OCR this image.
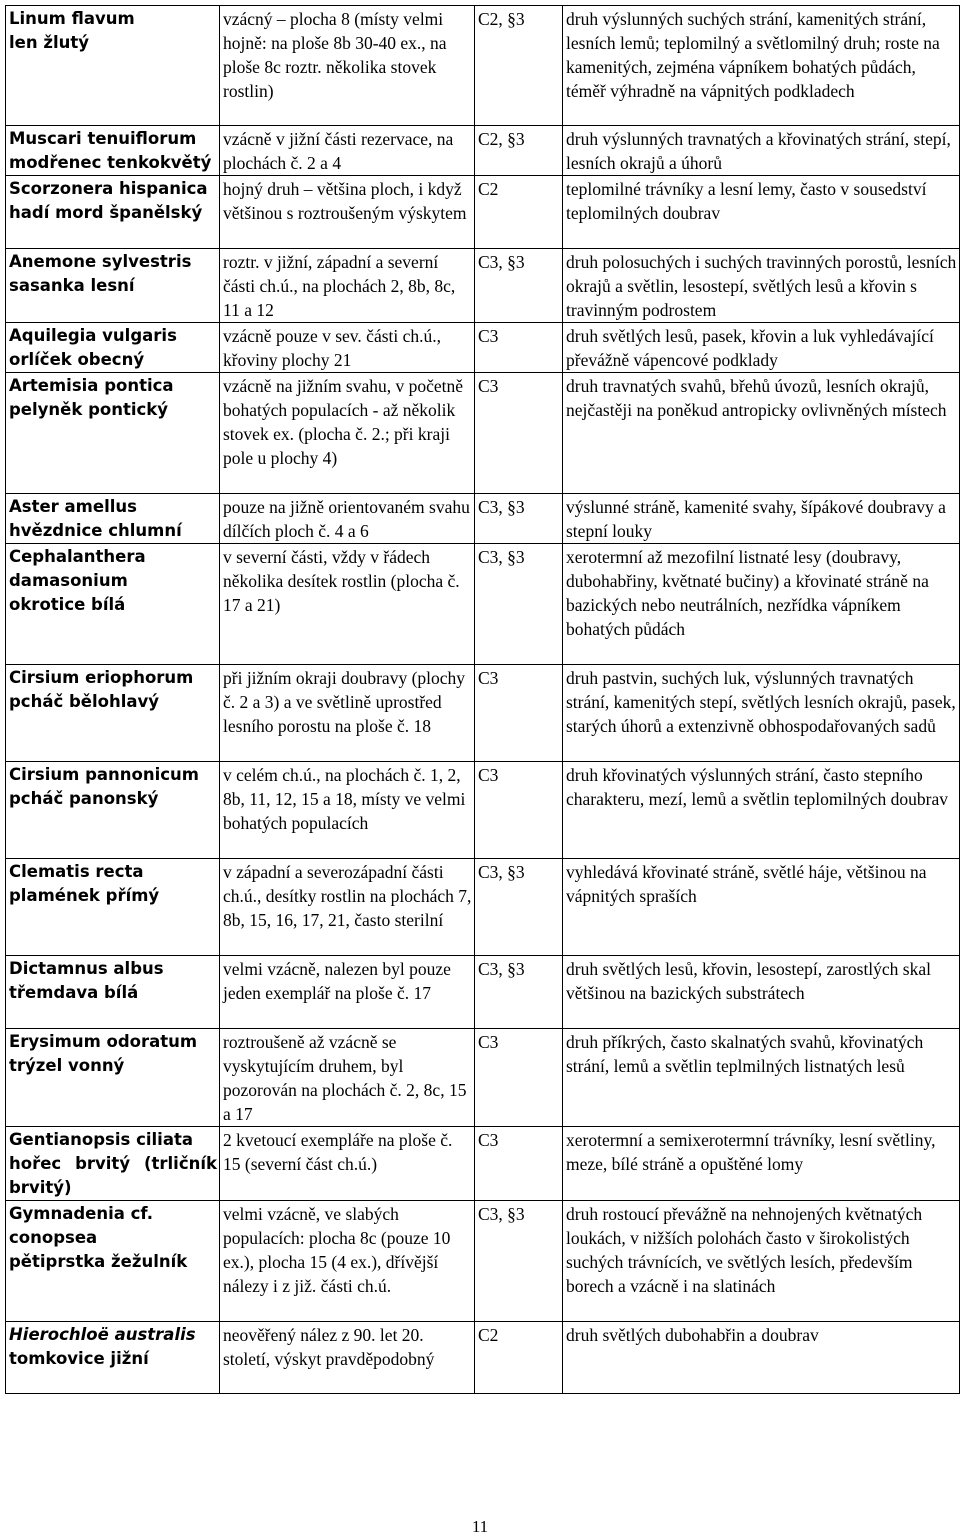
Linum flavum
len žlutý	vzácný – plocha 8 (místy velmi hojně: na ploše 8b 30-40 ex., na ploše 8c roztr. několika stovek rostlin)	C2, §3	druh výslunných suchých strání, kamenitých strání, lesních lemů; teplomilný a světlomilný druh; roste na kamenitých, zejména vápníkem bohatých půdách, téměř výhradně na vápnitých podkladech

Muscari tenuiflorum
modřenec tenkokvětý	vzácně v jižní části rezervace, na plochách č. 2 a 4	C2, §3	druh výslunných travnatých a křovinatých strání, stepí, lesních okrajů a úhorů

Scorzonera hispanica
hadí mord španělský	hojný druh – většina ploch, i když většinou s roztroušeným výskytem	C2	teplomilné trávníky a lesní lemy, často v sousedství teplomilných doubrav

Anemone sylvestris
sasanka lesní	roztr. v jižní, západní a severní části ch.ú., na plochách 2, 8b, 8c, 11 a 12	C3, §3	druh polosuchých i suchých travinných porostů, lesních okrajů a světlin, lesostepí, světlých lesů a křovin s travinným podrostem

Aquilegia vulgaris
orlíček obecný	vzácně pouze v sev. části ch.ú., křoviny plochy 21	C3	druh světlých lesů, pasek, křovin a luk vyhledávající převážně vápencové podklady

Artemisia pontica
pelyněk pontický	vzácně na jižním svahu, v početně bohatých populacích - až několik stovek ex. (plocha č. 2.; při kraji pole u plochy 4)	C3	druh travnatých svahů, břehů úvozů, lesních okrajů, nejčastěji na poněkud antropicky ovlivněných místech

Aster amellus
hvězdnice chlumní	pouze na jižně orientovaném svahu dílčích ploch č. 4 a 6	C3, §3	výslunné stráně, kamenité svahy, šípákové doubravy a stepní louky

Cephalanthera damasonium
okrotice bílá	v severní části, vždy v řádech několika desítek rostlin (plocha č. 17 a 21)	C3, §3	xerotermní až mezofilní listnaté lesy (doubravy, dubohabřiny, květnaté bučiny) a křovinaté stráně na bazických nebo neutrálních, nezřídka vápníkem bohatých půdách

Cirsium eriophorum
pcháč bělohlavý	při jižním okraji doubravy (plochy č. 2 a 3) a ve světlině uprostřed lesního porostu na ploše č. 18	C3	druh pastvin, suchých luk, výslunných travnatých strání, kamenitých stepí, světlých lesních okrajů, pasek, starých úhorů a extenzivně obhospodařovaných sadů

Cirsium pannonicum
pcháč panonský	v celém ch.ú., na plochách č. 1, 2, 8b, 11, 12, 15 a 18, místy ve velmi bohatých populacích	C3	druh křovinatých výslunných strání, často stepního charakteru, mezí, lemů a světlin teplomilných doubrav

Clematis recta
plamének přímý	v západní a severozápadní části ch.ú., desítky rostlin na plochách 7, 8b, 15, 16, 17, 21, často sterilní	C3, §3	vyhledává křovinaté stráně, světlé háje, většinou na vápnitých spraších

Dictamnus albus
třemdava bílá	velmi vzácně, nalezen byl pouze jeden exemplář na ploše č. 17	C3, §3	druh světlých lesů, křovin, lesostepí, zarostlých skal většinou na bazických substrátech

Erysimum odoratum
trýzel vonný	roztroušeně až vzácně se vyskytujícím druhem, byl pozorován na plochách č. 2, 8c, 15 a 17	C3	druh příkrých, často skalnatých svahů, křovinatých strání, lemů a světlin teplmilných listnatých lesů

Gentianopsis ciliata
hořec brvitý (trličník brvitý)	2 kvetoucí exempláře na ploše č. 15 (severní část ch.ú.)	C3	xerotermní a semixerotermní trávníky, lesní světliny, meze, bílé stráně a opuštěné lomy

Gymnadenia cf. conopsea
pětiprstka žežulník	velmi vzácně, ve slabých populacích: plocha 8c (pouze 10 ex.), plocha 15 (4 ex.), dřívější nálezy i z již. části ch.ú.	C3, §3	druh rostoucí převážně na nehnojených květnatých loukách, v nižších polohách často v širokolistých suchých trávnících, ve světlých lesích, především borech a vzácně i na slatinách

Hierochloë australis
tomkovice jižní	neověřený nález z 90. let 20. století, výskyt pravděpodobný	C2	druh světlých dubohabřin a doubrav
11
